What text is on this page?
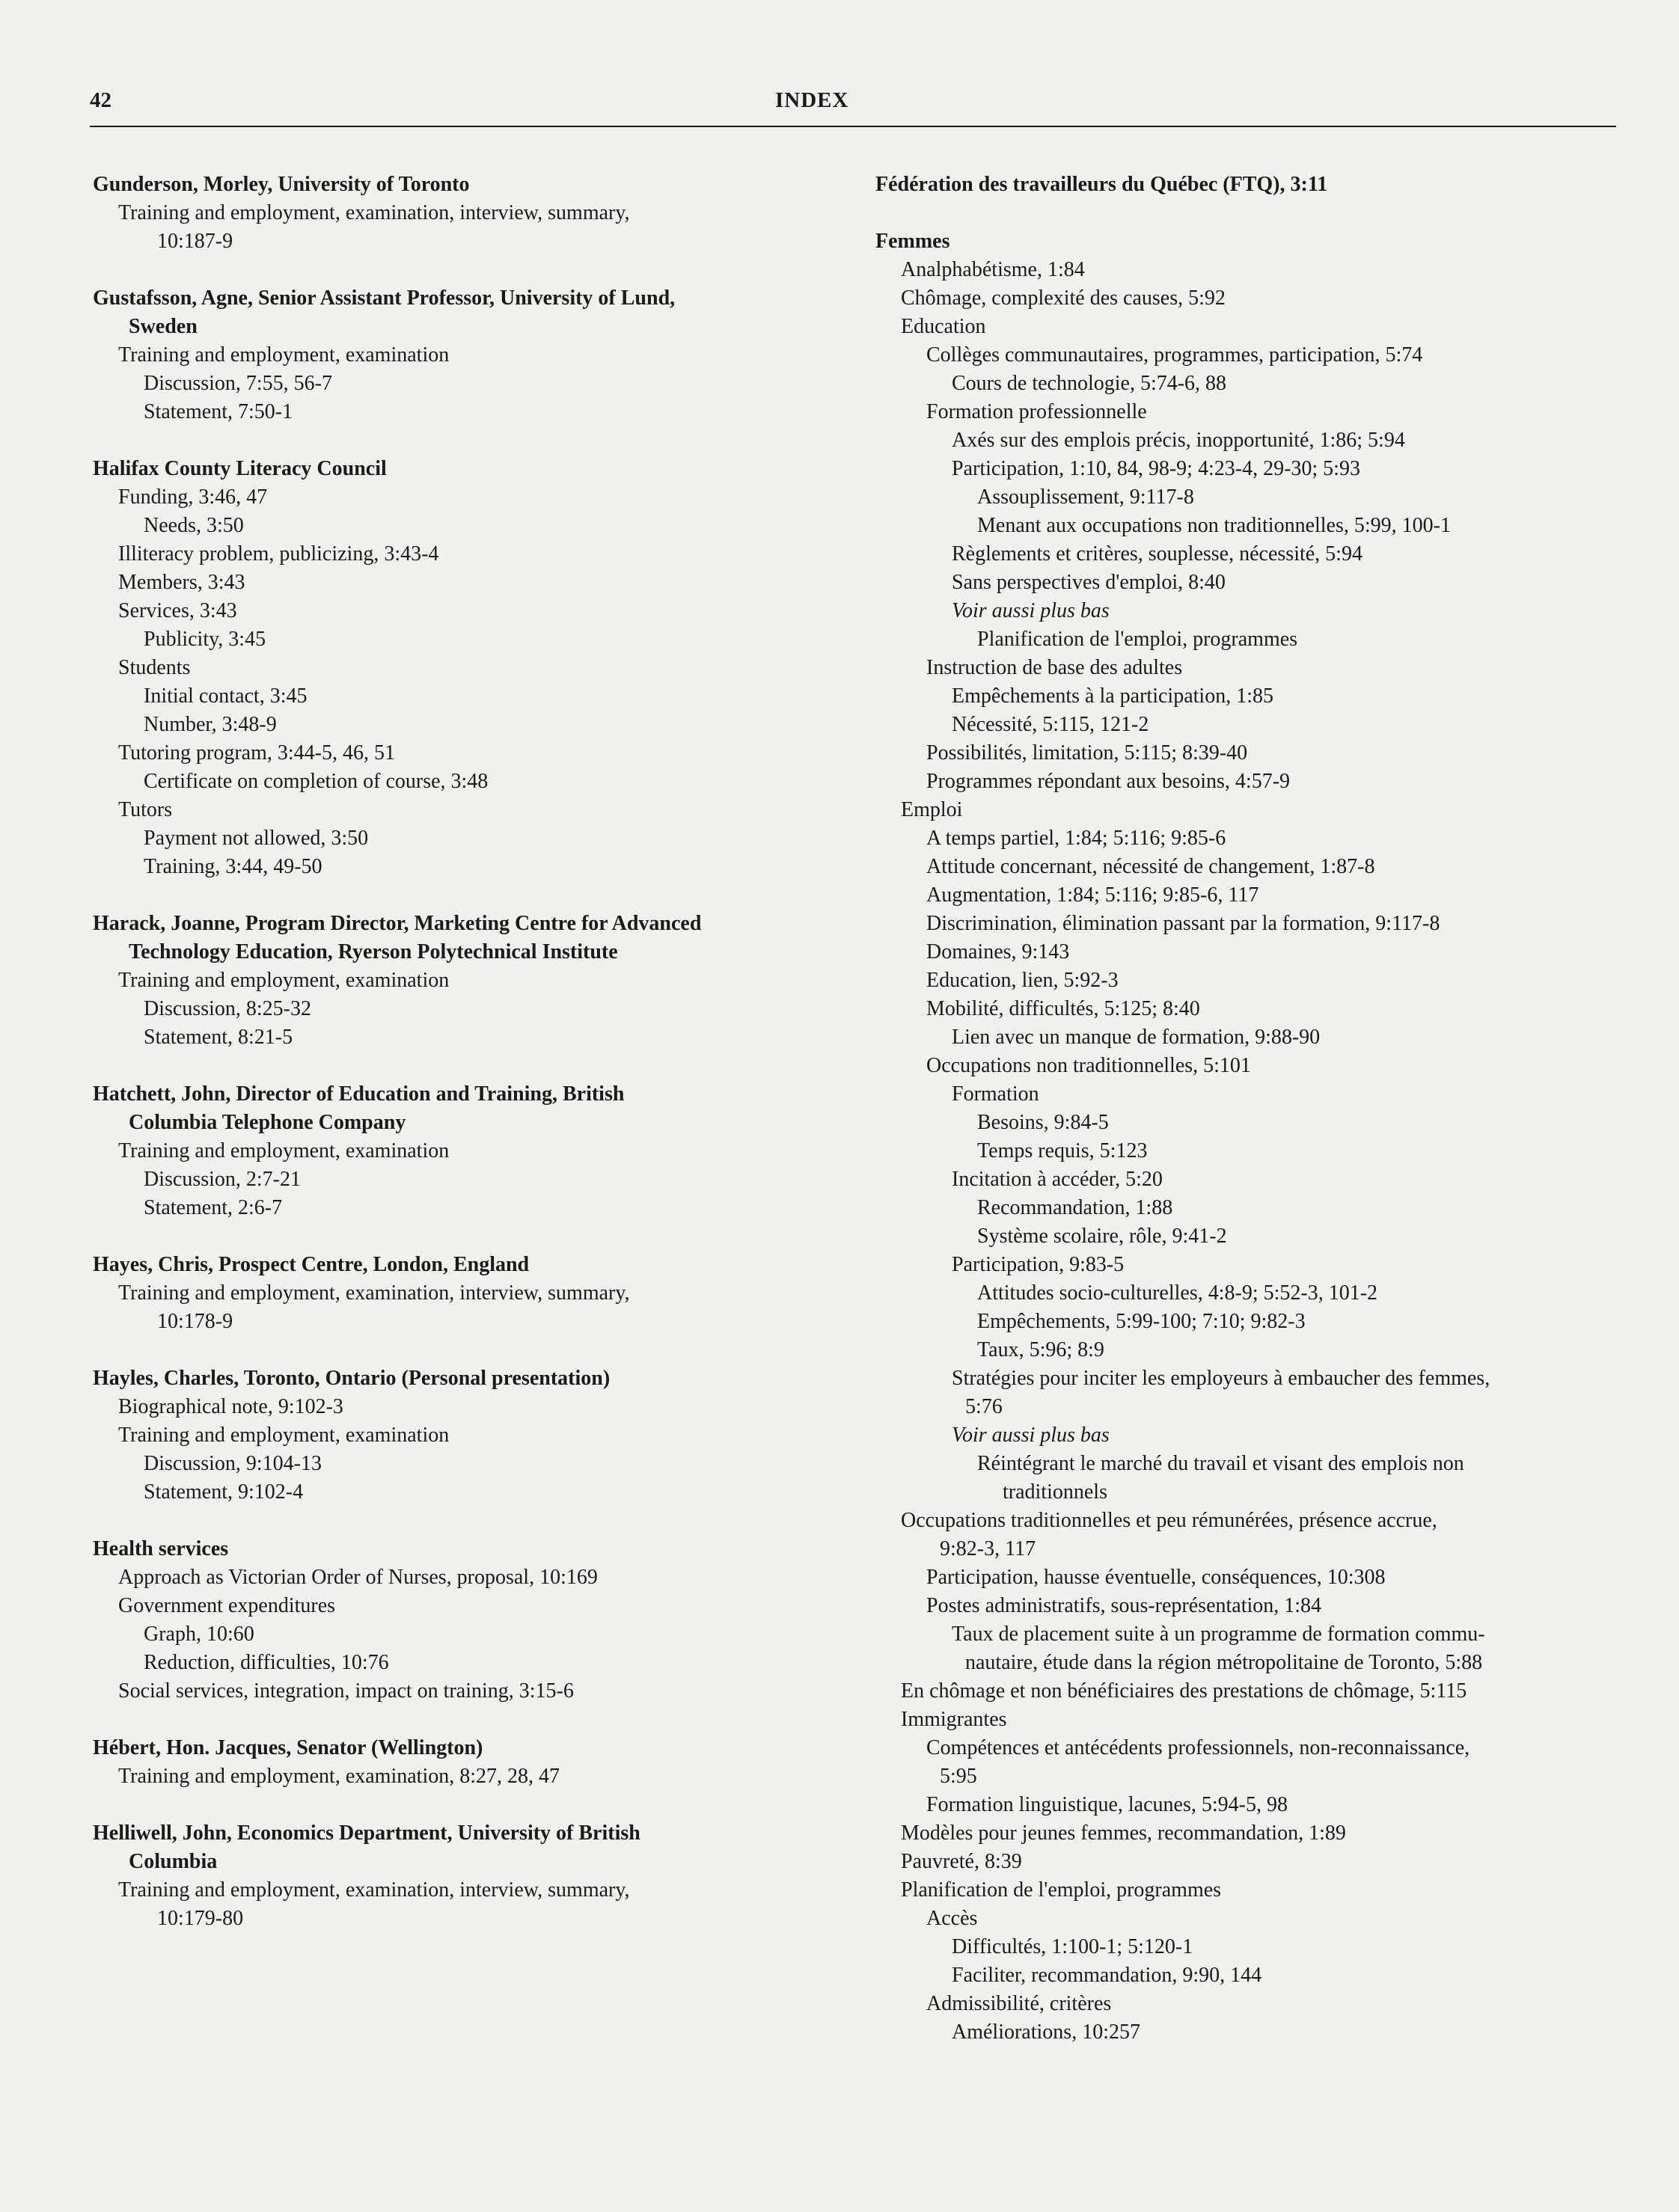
42	INDEX
Gunderson, Morley, University of Toronto
Training and employment, examination, interview, summary,
10:187-9
Gustafsson, Agne, Senior Assistant Professor, University of Lund,
Sweden
Training and employment, examination
Discussion, 7:55, 56-7
Statement, 7:50-1
Halifax County Literacy Council
Funding, 3:46, 47
Needs, 3:50
Illiteracy problem, publicizing, 3:43-4
Members, 3:43
Services, 3:43
Publicity, 3:45
Students
Initial contact, 3:45
Number, 3:48-9
Tutoring program, 3:44-5, 46, 51
Certificate on completion of course, 3:48
Tutors
Payment not allowed, 3:50
Training, 3:44, 49-50
Harack, Joanne, Program Director, Marketing Centre for Advanced
Technology Education, Ryerson Polytechnical Institute
Training and employment, examination
Discussion, 8:25-32
Statement, 8:21-5
Hatchett, John, Director of Education and Training, British
Columbia Telephone Company
Training and employment, examination
Discussion, 2:7-21
Statement, 2:6-7
Hayes, Chris, Prospect Centre, London, England
Training and employment, examination, interview, summary,
10:178-9
Hayles, Charles, Toronto, Ontario (Personal presentation)
Biographical note, 9:102-3
Training and employment, examination
Discussion, 9:104-13
Statement, 9:102-4
Health services
Approach as Victorian Order of Nurses, proposal, 10:169
Government expenditures
Graph, 10:60
Reduction, difficulties, 10:76
Social services, integration, impact on training, 3:15-6
Hébert, Hon. Jacques, Senator (Wellington)
Training and employment, examination, 8:27, 28, 47
Helliwell, John, Economics Department, University of British
Columbia
Training and employment, examination, interview, summary,
10:179-80
Fédération des travailleurs du Québec (FTQ), 3:11
Femmes
Analphabétisme, 1:84
Chômage, complexité des causes, 5:92
Education
Collèges communautaires, programmes, participation, 5:74
Cours de technologie, 5:74-6, 88
Formation professionnelle
Axés sur des emplois précis, inopportunité, 1:86; 5:94
Participation, 1:10, 84, 98-9; 4:23-4, 29-30; 5:93
Assouplissement, 9:117-8
Menant aux occupations non traditionnelles, 5:99, 100-1
Règlements et critères, souplesse, nécessité, 5:94
Sans perspectives d'emploi, 8:40
Voir aussi plus bas
Planification de l'emploi, programmes
Instruction de base des adultes
Empêchements à la participation, 1:85
Nécessité, 5:115, 121-2
Possibilités, limitation, 5:115; 8:39-40
Programmes répondant aux besoins, 4:57-9
Emploi
A temps partiel, 1:84; 5:116; 9:85-6
Attitude concernant, nécessité de changement, 1:87-8
Augmentation, 1:84; 5:116; 9:85-6, 117
Discrimination, élimination passant par la formation, 9:117-8
Domaines, 9:143
Education, lien, 5:92-3
Mobilité, difficultés, 5:125; 8:40
Lien avec un manque de formation, 9:88-90
Occupations non traditionnelles, 5:101
Formation
Besoins, 9:84-5
Temps requis, 5:123
Incitation à accéder, 5:20
Recommandation, 1:88
Système scolaire, rôle, 9:41-2
Participation, 9:83-5
Attitudes socio-culturelles, 4:8-9; 5:52-3, 101-2
Empêchements, 5:99-100; 7:10; 9:82-3
Taux, 5:96; 8:9
Stratégies pour inciter les employeurs à embaucher des femmes,
5:76
Voir aussi plus bas
Réintégrant le marché du travail et visant des emplois non
traditionnels
Occupations traditionnelles et peu rémunérées, présence accrue,
9:82-3, 117
Participation, hausse éventuelle, conséquences, 10:308
Postes administratifs, sous-représentation, 1:84
Taux de placement suite à un programme de formation commu-
nautaire, étude dans la région métropolitaine de Toronto, 5:88
En chômage et non bénéficiaires des prestations de chômage, 5:115
Immigrantes
Compétences et antécédents professionnels, non-reconnaissance,
5:95
Formation linguistique, lacunes, 5:94-5, 98
Modèles pour jeunes femmes, recommandation, 1:89
Pauvreté, 8:39
Planification de l'emploi, programmes
Accès
Difficultés, 1:100-1; 5:120-1
Faciliter, recommandation, 9:90, 144
Admissibilité, critères
Améliorations, 10:257
